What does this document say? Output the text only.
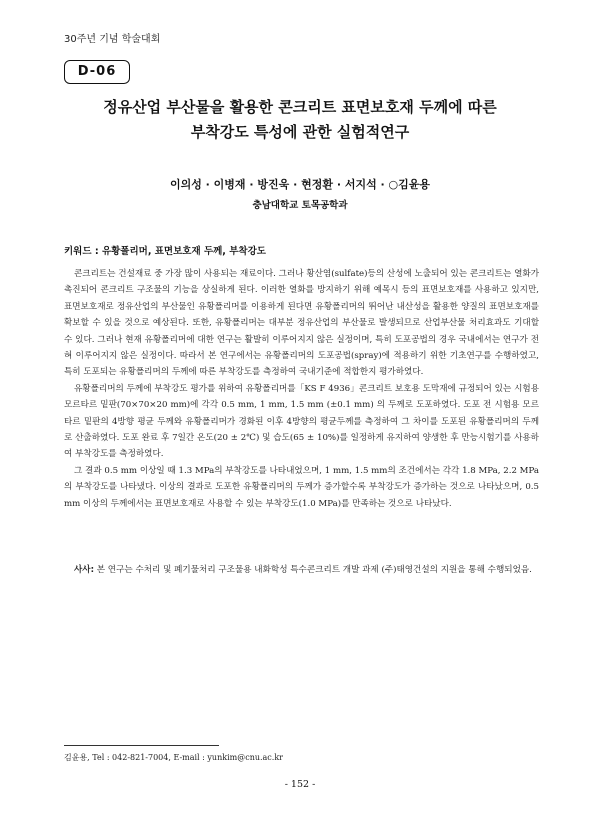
30주년 기념 학술대회
D-06
정유산업 부산물을 활용한 콘크리트 표면보호재 두께에 따른
부착강도 특성에 관한 실험적연구
이의성 · 이병재 · 방진욱 · 현정환 · 서지석 · ○김윤용
충남대학교 토목공학과
키워드 : 유황폴리머, 표면보호재 두께, 부착강도

콘크리트는 건설재료 중 가장 많이 사용되는 재료이다. 그러나 황산염(sulfate)등의 산성에 노출되어 있는 콘크리트는 열화가 촉진되어 콘크리트 구조물의 기능을 상실하게 된다. 이러한 열화를 방지하기 위해 예목시 등의 표면보호재를 사용하고 있지만, 표면보호재로 정유산업의 부산물인 유황폴리머를 이용하게 된다면 유황폴리머의 뛰어난 내산성을 활용한 양질의 표면보호재를 확보할 수 있을 것으로 예상된다. 또한, 유황폴리머는 대부분 정유산업의 부산물로 발생되므로 산업부산물 처리효과도 기대할 수 있다. 그러나 현재 유황폴리머에 대한 연구는 활발히 이루어지지 않은 실정이며, 특히 도포공법의 경우 국내에서는 연구가 전혀 이루어지지 않은 실정이다. 따라서 본 연구에서는 유황폴리머의 도포공법(spray)에 적용하기 위한 기초연구를 수행하였고, 특히 도포되는 유황폴리머의 두께에 따른 부착강도를 측정하여 국내기준에 적합한지 평가하였다.

유황폴리머의 두께에 부착강도 평가를 위하여 유황폴리머를「KS F 4936」콘크리트 보호용 도막재에 규정되어 있는 시험용 모르타르 밑판(70×70×20 mm)에 각각 0.5 mm, 1 mm, 1.5 mm (±0.1 mm) 의 두께로 도포하였다. 도포 전 시험용 모르타르 밑판의 4방향 평균 두께와 유황폴리머가 경화된 이후 4방향의 평균두께를 측정하여 그 차이를 도포된 유황폴리머의 두께로 산출하였다. 도포 완료 후 7일간 온도(20 ± 2℃) 및 습도(65 ± 10%)를 일정하게 유지하여 양생한 후 만능시험기를 사용하여 부착강도를 측정하였다.

그 결과 0.5 mm 이상일 때 1.3 MPa의 부착강도를 나타내었으며, 1 mm, 1.5 mm의 조건에서는 각각 1.8 MPa, 2.2 MPa의 부착강도를 나타냈다. 이상의 결과로 도포한 유황폴리머의 두께가 증가할수록 부착강도가 증가하는 것으로 나타났으며, 0.5 mm 이상의 두께에서는 표면보호재로 사용할 수 있는 부착강도(1.0 MPa)를 만족하는 것으로 나타났다.

사사: 본 연구는 수처리 및 폐기물처리 구조물용 내화학성 특수콘크리트 개발 과제 (주)태영건설의 지원을 통해 수행되었음.
김윤용, Tel : 042-821-7004, E-mail : yunkim@cnu.ac.kr
- 152 -
